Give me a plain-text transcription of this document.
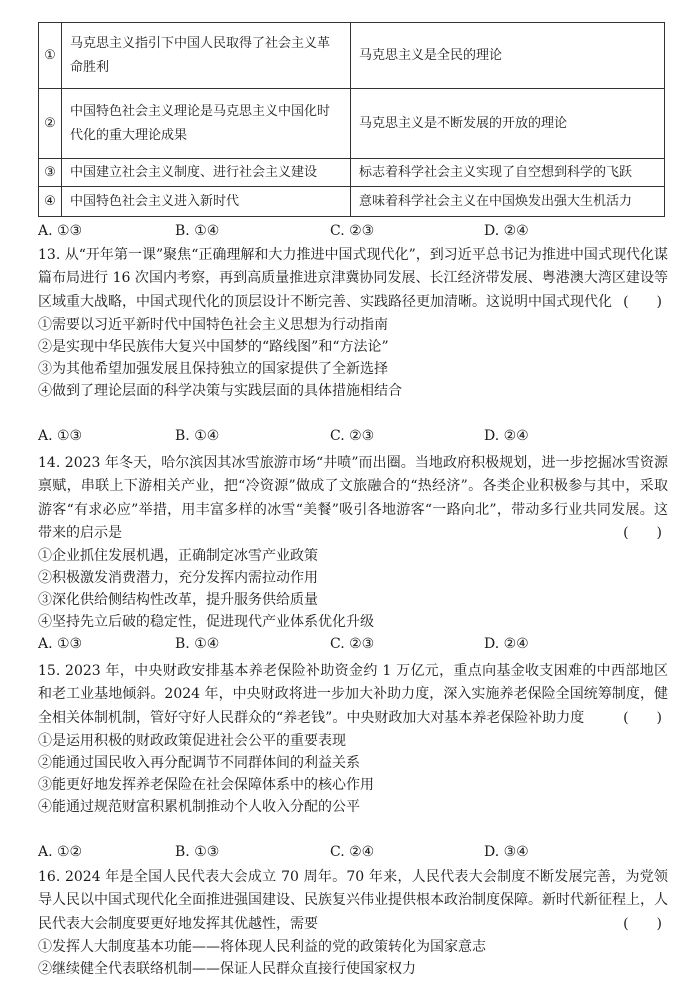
①	马克思主义指引下中国人民取得了社会主义革命胜利	马克思主义是全民的理论
②	中国特色社会主义理论是马克思主义中国化时代化的重大理论成果	马克思主义是不断发展的开放的理论
③	中国建立社会主义制度、进行社会主义建设	标志着科学社会主义实现了自空想到科学的飞跃
④	中国特色社会主义进入新时代	意味着科学社会主义在中国焕发出强大生机活力
A. ①③	B. ①④	C. ②③	D. ②④

13. 从“开年第一课”聚焦“正确理解和大力推进中国式现代化”，到习近平总书记为推进中国式现代化谋篇布局进行 16 次国内考察，再到高质量推进京津冀协同发展、长江经济带发展、粤港澳大湾区建设等区域重大战略，中国式现代化的顶层设计不断完善、实践路径更加清晰。这说明中国式现代化 (　　)

①需要以习近平新时代中国特色社会主义思想为行动指南

②是实现中华民族伟大复兴中国梦的“路线图”和“方法论”

③为其他希望加强发展且保持独立的国家提供了全新选择

④做到了理论层面的科学决策与实践层面的具体措施相结合

A. ①③	B. ①④	C. ②③	D. ②④

14. 2023 年冬天，哈尔滨因其冰雪旅游市场“井喷”而出圈。当地政府积极规划，进一步挖掘冰雪资源禀赋，串联上下游相关产业，把“冷资源”做成了文旅融合的“热经济”。各类企业积极参与其中，采取游客“有求必应”举措，用丰富多样的冰雪“美餐”吸引各地游客“一路向北”，带动多行业共同发展。这带来的启示是	(　　)

①企业抓住发展机遇，正确制定冰雪产业政策

②积极激发消费潜力，充分发挥内需拉动作用

③深化供给侧结构性改革，提升服务供给质量

④坚持先立后破的稳定性，促进现代产业体系优化升级

A. ①③	B. ①④	C. ②③	D. ②④

15. 2023 年，中央财政安排基本养老保险补助资金约 1 万亿元，重点向基金收支困难的中西部地区和老工业基地倾斜。2024 年，中央财政将进一步加大补助力度，深入实施养老保险全国统筹制度，健全相关体制机制，管好守好人民群众的“养老钱”。中央财政加大对基本养老保险补助力度	(　　)

①是运用积极的财政政策促进社会公平的重要表现

②能通过国民收入再分配调节不同群体间的利益关系

③能更好地发挥养老保险在社会保障体系中的核心作用

④能通过规范财富积累机制推动个人收入分配的公平

A. ①②	B. ①③	C. ②④	D. ③④

16. 2024 年是全国人民代表大会成立 70 周年。70 年来，人民代表大会制度不断发展完善，为党领导人民以中国式现代化全面推进强国建设、民族复兴伟业提供根本政治制度保障。新时代新征程上，人民代表大会制度要更好地发挥其优越性，需要	(　　)

①发挥人大制度基本功能——将体现人民利益的党的政策转化为国家意志

②继续健全代表联络机制——保证人民群众直接行使国家权力
